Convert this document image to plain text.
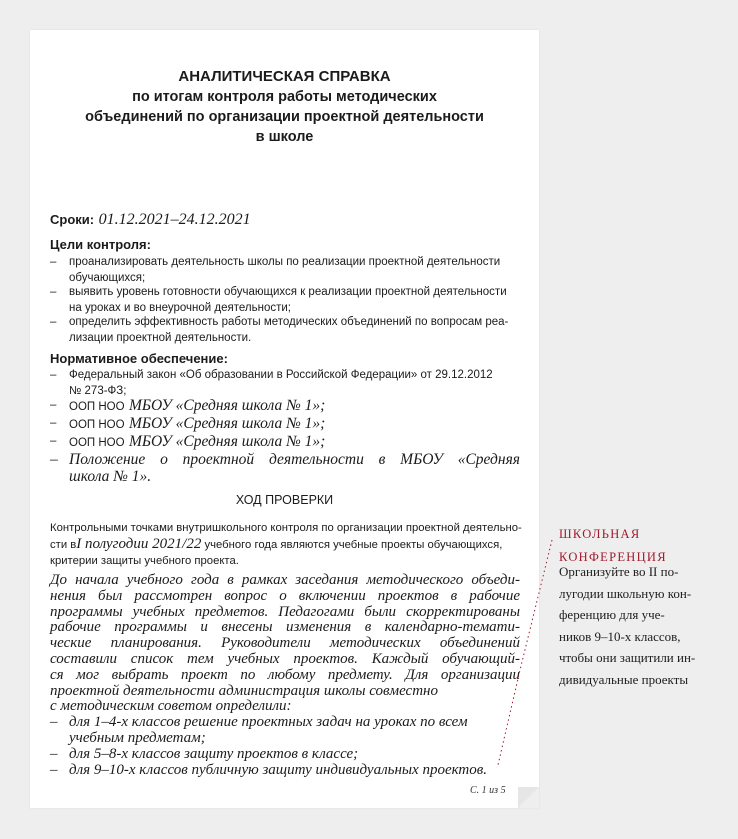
АНАЛИТИЧЕСКАЯ СПРАВКА
по итогам контроля работы методических
объединений по организации проектной деятельности
в школе
Сроки: 01.12.2021–24.12.2021
Цели контроля:
– проанализировать деятельность школы по реализации проектной деятельности
обучающихся;
– выявить уровень готовности обучающихся к реализации проектной деятельности
на уроках и во внеурочной деятельности;
– определить эффективность работы методических объединений по вопросам реа-
лизации проектной деятельности.
Нормативное обеспечение:
– Федеральный закон «Об образовании в Российской Федерации» от 29.12.2012
№ 273-ФЗ;
– ООП НОО МБОУ «Средняя школа № 1»;
– ООП НОО МБОУ «Средняя школа № 1»;
– ООП НОО МБОУ «Средняя школа № 1»;
– Положение о проектной деятельности в МБОУ «Средняя
школа № 1».
ХОД ПРОВЕРКИ
Контрольными точками внутришкольного контроля по организации проектной деятельно-
сти вI полугодии 2021/22 учебного года являются учебные проекты обучающихся,
критерии защиты учебного проекта.
До начала учебного года в рамках заседания методического объеди-
нения был рассмотрен вопрос о включении проектов в рабочие
программы учебных предметов. Педагогами были скорректированы
рабочие программы и внесены изменения в календарно-темати-
ческие планирования. Руководители методических объединений
составили список тем учебных проектов. Каждый обучающий-
ся мог выбрать проект по любому предмету. Для организации
проектной деятельности администрация школы совместно
с методическим советом определили:
– для 1–4-х классов решение проектных задач на уроках по всем
учебным предметам;
– для 5–8-х классов защиту проектов в классе;
– для 9–10-х классов публичную защиту индивидуальных проектов.
С. 1 из 5
ШКОЛЬНАЯ
КОНФЕРЕНЦИЯ
Организуйте во II по-
лугодии школьную кон-
ференцию для уче-
ников 9–10-х классов,
чтобы они защитили ин-
дивидуальные проекты
